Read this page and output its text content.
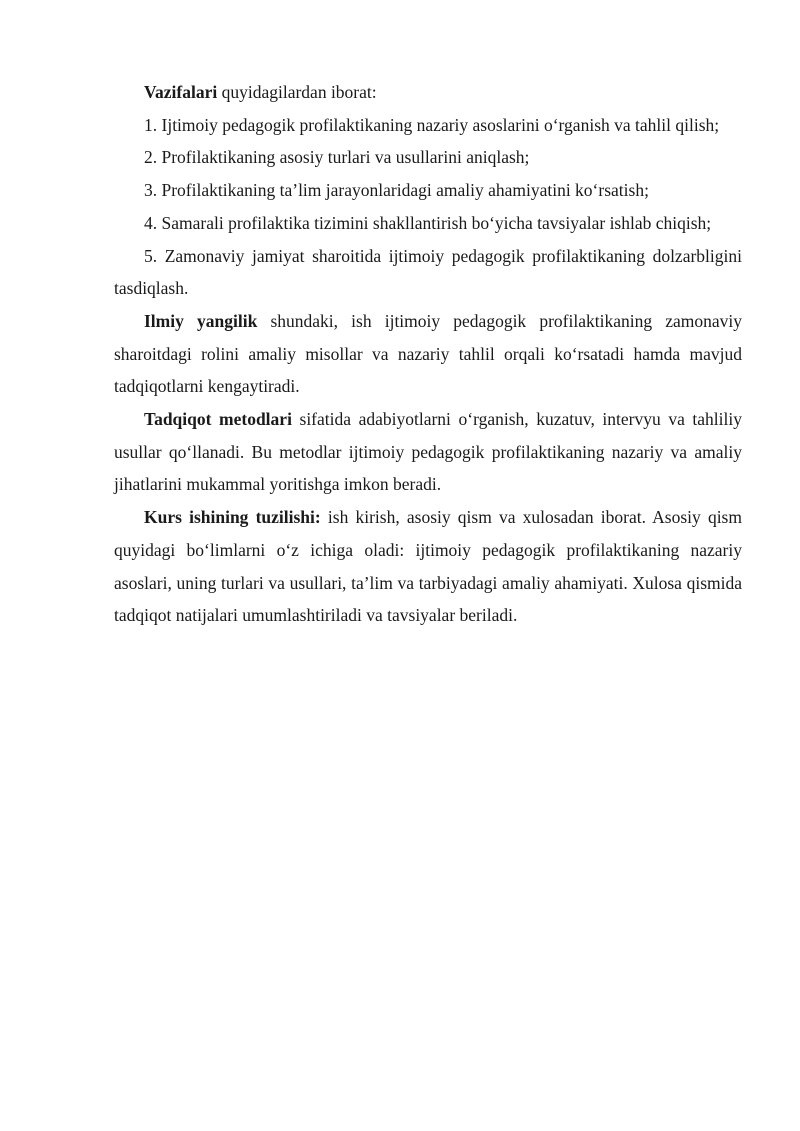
Vazifalari quyidagilardan iborat:

1. Ijtimoiy pedagogik profilaktikaning nazariy asoslarini o‘rganish va tahlil qilish;

2. Profilaktikaning asosiy turlari va usullarini aniqlash;

3. Profilaktikaning ta’lim jarayonlaridagi amaliy ahamiyatini ko‘rsatish;

4. Samarali profilaktika tizimini shakllantirish bo‘yicha tavsiyalar ishlab chiqish;

5. Zamonaviy jamiyat sharoitida ijtimoiy pedagogik profilaktikaning dolzarbligini tasdiqlash.

Ilmiy yangilik shundaki, ish ijtimoiy pedagogik profilaktikaning zamonaviy sharoitdagi rolini amaliy misollar va nazariy tahlil orqali ko‘rsatadi hamda mavjud tadqiqotlarni kengaytiradi.

Tadqiqot metodlari sifatida adabiyotlarni o‘rganish, kuzatuv, intervyu va tahliliy usullar qo‘llanadi. Bu metodlar ijtimoiy pedagogik profilaktikaning nazariy va amaliy jihatlarini mukammal yoritishga imkon beradi.

Kurs ishining tuzilishi: ish kirish, asosiy qism va xulosadan iborat. Asosiy qism quyidagi bo‘limlarni o‘z ichiga oladi: ijtimoiy pedagogik profilaktikaning nazariy asoslari, uning turlari va usullari, ta’lim va tarbiyadagi amaliy ahamiyati. Xulosa qismida tadqiqot natijalari umumlashtiriladi va tavsiyalar beriladi.
